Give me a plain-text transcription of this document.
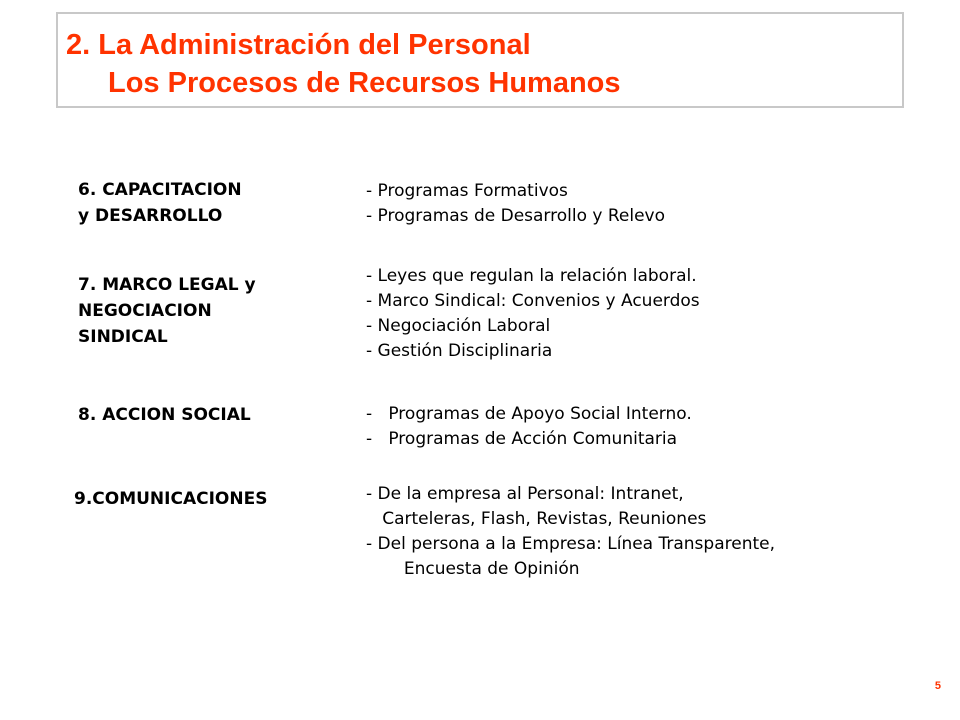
2. La Administración del Personal
Los Procesos de Recursos Humanos
6. CAPACITACION
y DESARROLLO
- Programas Formativos
- Programas de Desarrollo y Relevo
7. MARCO LEGAL y
NEGOCIACION
SINDICAL
- Leyes que regulan la relación laboral.
- Marco Sindical: Convenios y Acuerdos
- Negociación Laboral
- Gestión Disciplinaria
8. ACCION SOCIAL	-   Programas de Apoyo Social Interno.
-   Programas de Acción Comunitaria
9.COMUNICACIONES	- De la empresa al Personal: Intranet,
Carteleras, Flash, Revistas, Reuniones
- Del persona a la Empresa: Línea Transparente,
Encuesta de Opinión
5
